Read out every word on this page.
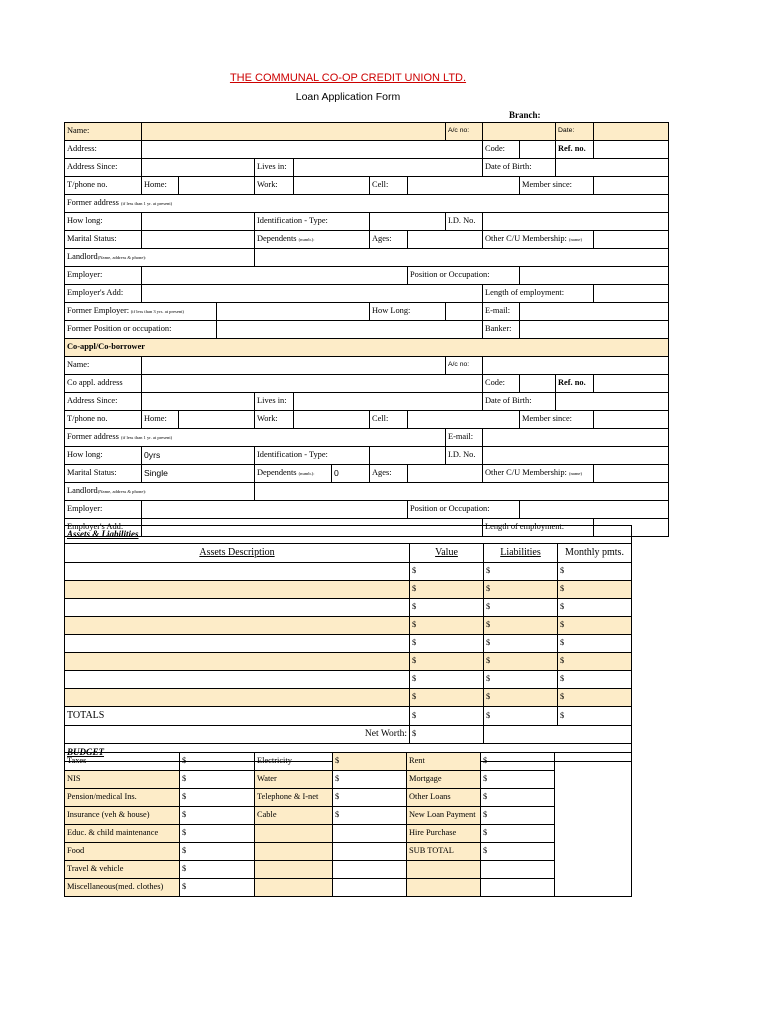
THE COMMUNAL CO-OP CREDIT UNION LTD.
Loan Application Form
Branch:
Name:									A/c no:			Date:	
Address:										Code:		Ref. no.	
Address Since:				Lives in:						Date of Birth:			
T/phone no.	Home:			Work:			Cell:				Member since:		
Former address (if less than 1 yr. at present)													
How long:				Identification - Type:					I.D. No.				
Marital Status:				Dependents (numb.):			Ages:			Other C/U Membership: (name)			
Landlord(Name, address & phone):													
Employer:								Position or Occupation:					
Employer's Add:										Length of employment:			
Former Employer: (if less than 3 yrs. at present)							How Long:			E-mail:			
Former Position or occupation:										Banker:			
Co-appl/Co-borrower													
Name:									A/c no:				
Co appl. address										Code:		Ref. no.	
Address Since:				Lives in:						Date of Birth:			
T/phone no.	Home:			Work:			Cell:				Member since:		
Former address (if less than 1 yr. at present)									E-mail:				
How long:	0yrs			Identification - Type:					I.D. No.				
Marital Status:	Single			Dependents (numb.):		0	Ages:			Other C/U Membership: (name)			
Landlord(Name, address & phone):													
Employer:								Position or Occupation:					
Employer's Add:										Length of employment:			
Assets & Liabilities			
Assets Description	Value	Liabilities	Monthly pmts.
	$	$	$
	$	$	$
	$	$	$
	$	$	$
	$	$	$
	$	$	$
	$	$	$
	$	$	$
TOTALS	$	$	$
Net Worth:	$		
BUDGET			
Taxes	$	Electricity	$	Rent	$	
NIS	$	Water	$	Mortgage	$	
Pension/medical Ins.	$	Telephone & I-net	$	Other Loans	$	
Insurance (veh & house)	$	Cable	$	New Loan Payment	$	
Educ. & child maintenance	$			Hire Purchase	$	
Food	$			SUB TOTAL	$	
Travel & vehicle	$					
Miscellaneous(med. clothes)	$					
